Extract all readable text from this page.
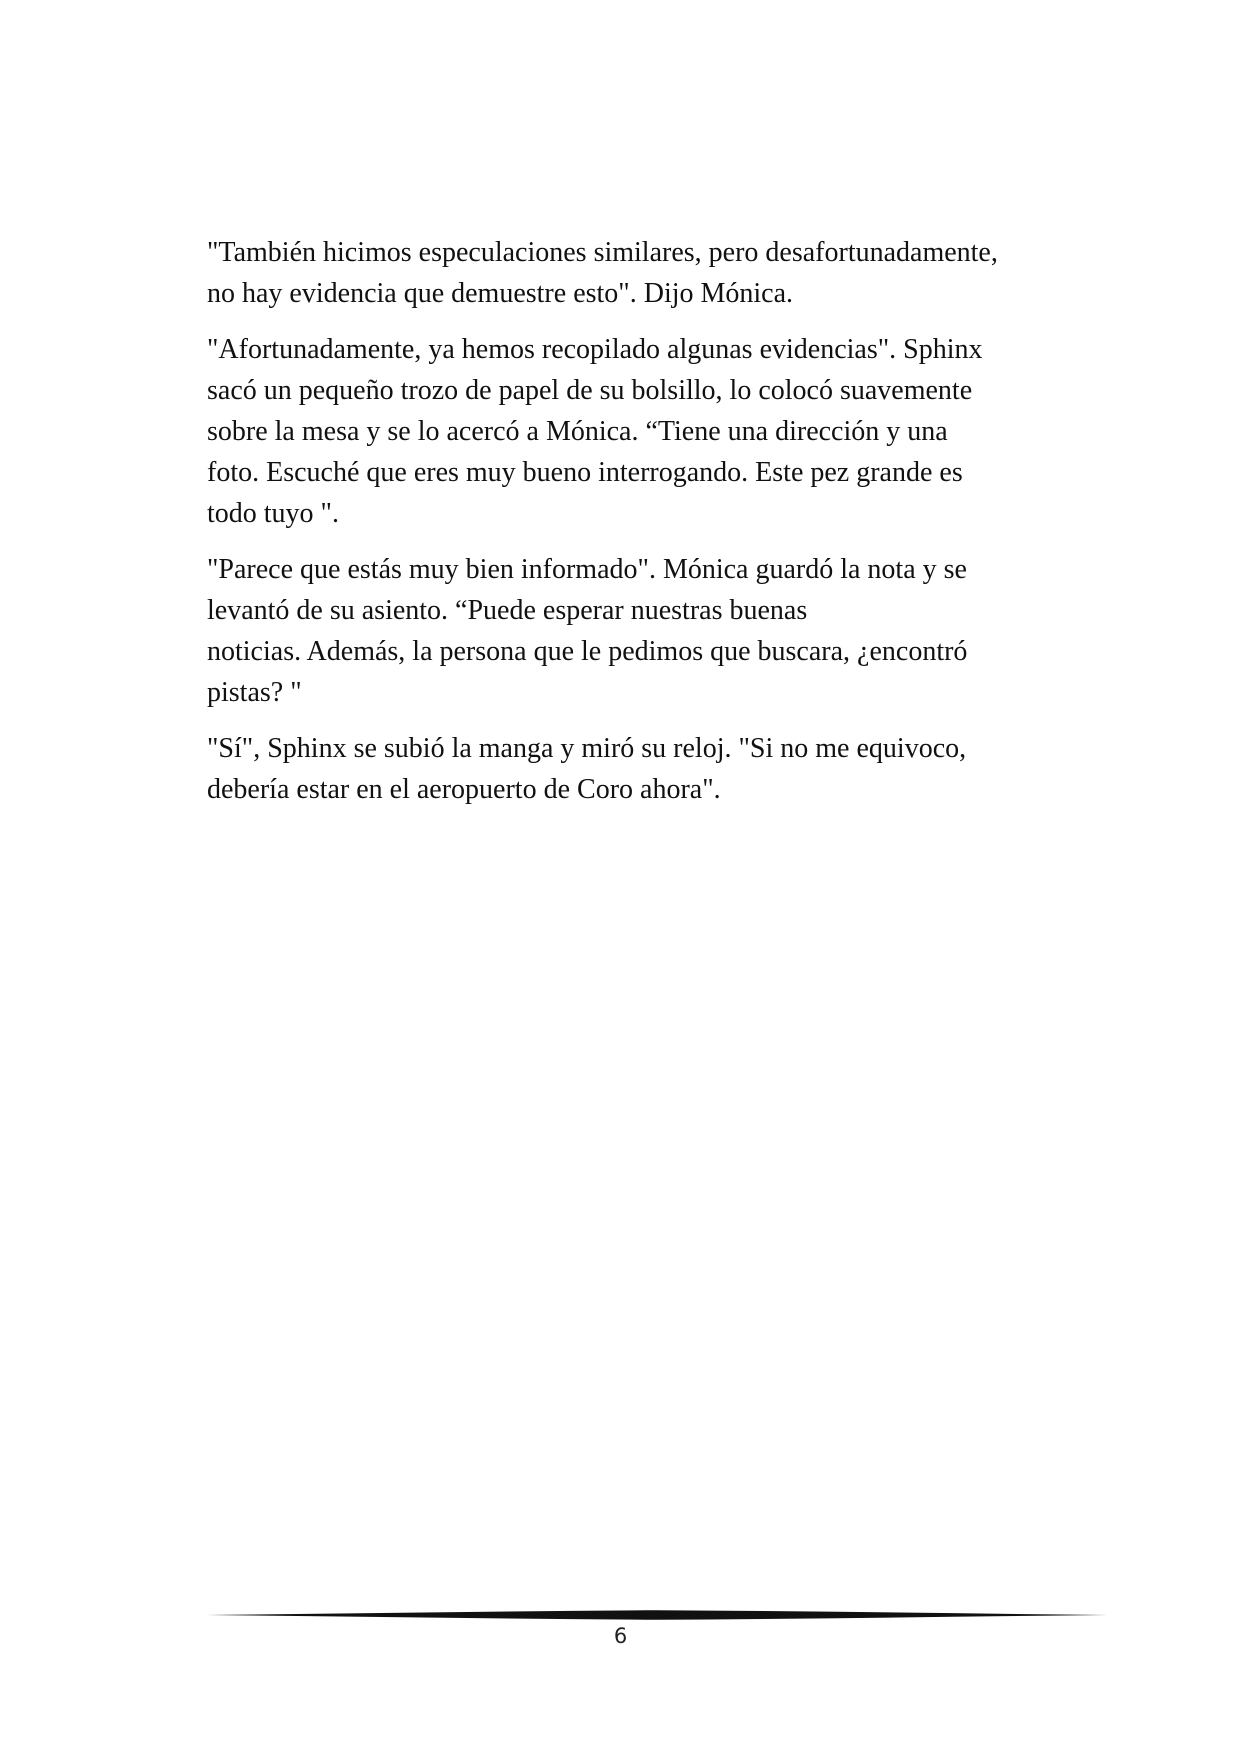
"También hicimos especulaciones similares, pero desafortunadamente,
no hay evidencia que demuestre esto". Dijo Mónica.

"Afortunadamente, ya hemos recopilado algunas evidencias". Sphinx
sacó un pequeño trozo de papel de su bolsillo, lo colocó suavemente
sobre la mesa y se lo acercó a Mónica. “Tiene una dirección y una
foto. Escuché que eres muy bueno interrogando. Este pez grande es
todo tuyo ".

"Parece que estás muy bien informado". Mónica guardó la nota y se
levantó de su asiento. “Puede esperar nuestras buenas
noticias. Además, la persona que le pedimos que buscara, ¿encontró
pistas? "

"Sí", Sphinx se subió la manga y miró su reloj. "Si no me equivoco,
debería estar en el aeropuerto de Coro ahora".

6
